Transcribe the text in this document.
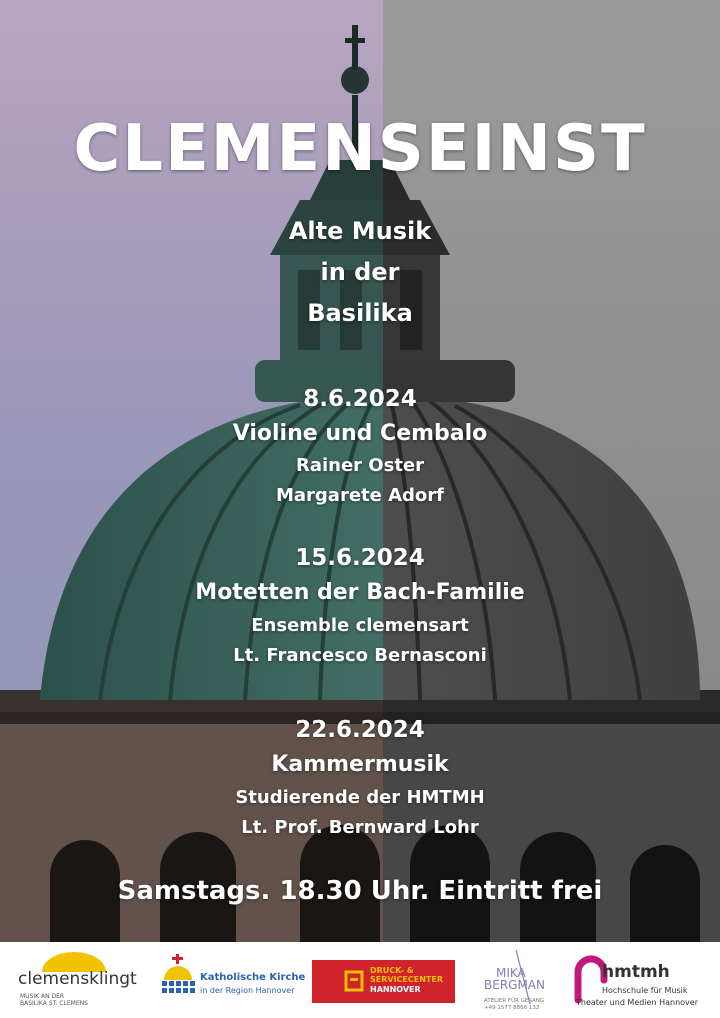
CLEMENSEINST
Alte Musik
in der
Basilika
8.6.2024
Violine und Cembalo
Rainer Oster
Margarete Adorf
15.6.2024
Motetten der Bach-Familie
Ensemble clemensart
Lt. Francesco Bernasconi
22.6.2024
Kammermusik
Studierende der HMTMH
Lt. Prof. Bernward Lohr
Samstags. 18.30 Uhr. Eintritt frei
clemensklingt
MUSIK AN DER
BASILIKA ST. CLEMENS
Katholische Kirche
in der Region Hannover
DRUCK- &
SERVICECENTER
HANNOVER
MIKA
BERGMAN
ATELIER FÜR GESANG
+49 1577 8866 132
hmtmh
Hochschule für Musik
Theater und Medien Hannover
